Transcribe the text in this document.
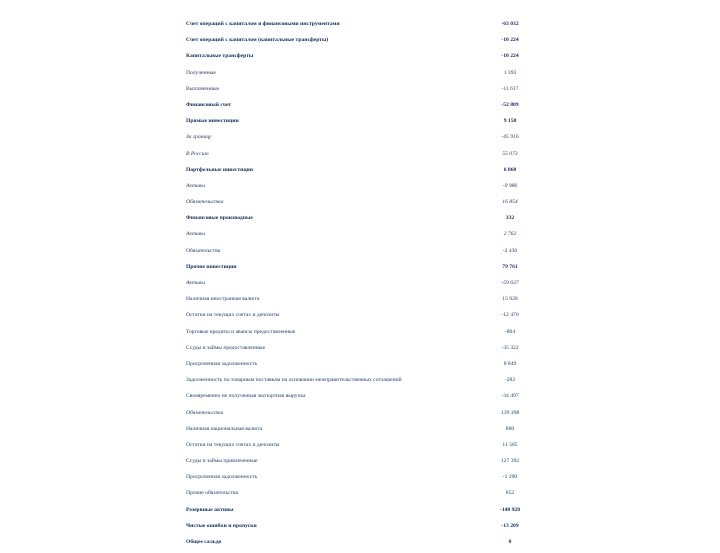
Счет операций с капиталом и финансовыми инструментами	-63 032
Счет операций с капиталом (капитальные трансферты)	-10 224
Капитальные трансферты	-10 224
Полученные	1 393
Выплаченные	-11 617
Финансовый счет	-52 809
Прямые инвестиции	9 158
За границу	-45 916
В Россию	55 073
Портфельные инвестиции	6 868
Активы	-9 986
Обязательства	16 854
Финансовые производные	332
Активы	2 762
Обязательства	-2 430
Прочие инвестиции	79 761
Активы	-59 637
Наличная иностранная валюта	15 928
Остатки на текущих счетах и депозиты	-12 470
Торговые кредиты и авансы предоставленные	-804
Ссуды и займы предоставленные	-35 322
Просроченная задолженность	8 849
Задолженность по товарным поставкам на основании межправительственных соглашений	-282
Своевременно не полученная экспортная выручка	-34 497
Обязательства	139 398
Наличная национальная валюта	860
Остатки на текущих счетах и депозиты	11 585
Ссуды и займы привлеченные	127 392
Просроченная задолженность	-1 290
Прочие обязательства	852
Резервные активы	-148 928
Чистые ошибки и пропуски	-13 209
Общее сальдо	0
